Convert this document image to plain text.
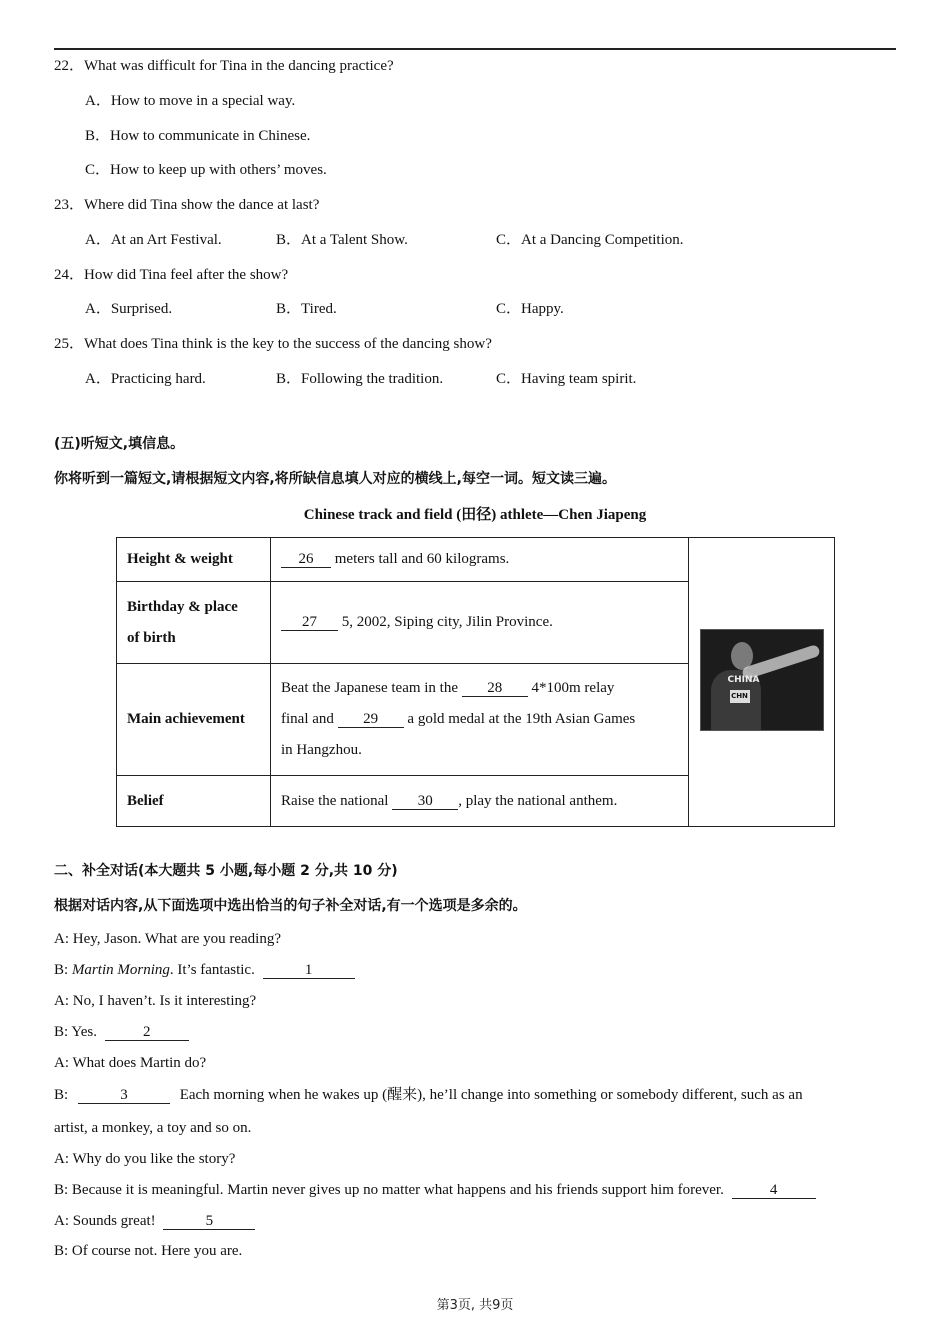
22．What was difficult for Tina in the dancing practice?
A．How to move in a special way.
B．How to communicate in Chinese.
C．How to keep up with others’ moves.
23．Where did Tina show the dance at last?
A．At an Art Festival.	B．At a Talent Show.	C．At a Dancing Competition.
24．How did Tina feel after the show?
A．Surprised.	B．Tired.	C．Happy.
25．What does Tina think is the key to the success of the dancing show?
A．Practicing hard.	B．Following the tradition.	C．Having team spirit.
(五)听短文,填信息。
你将听到一篇短文,请根据短文内容,将所缺信息填人对应的横线上,每空一词。短文读三遍。
Chinese track and field (田径) athlete—Chen Jiapeng
Height & weight	26 meters tall and 60 kilograms.	CHINA
CHN

Birthday & place
of birth	27 5, 2002, Siping city, Jilin Province.	
Main achievement	Beat the Japanese team in the 28 4*100m relay
final and 29 a gold medal at the 19th Asian Games
in Hangzhou.	
Belief	Raise the national 30 , play the national anthem.	
二、补全对话(本大题共 5 小题,每小题 2 分,共 10 分)
根据对话内容,从下面选项中选出恰当的句子补全对话,有一个选项是多余的。
A: Hey, Jason. What are you reading?
B: Martin Morning. It’s fantastic.	1
A: No, I haven’t. Is it interesting?
B: Yes.	2
A: What does Martin do?
B:	3	Each morning when he wakes up (醒来), he’ll change into something or somebody different, such as an
artist, a monkey, a toy and so on.
A: Why do you like the story?
B: Because it is meaningful. Martin never gives up no matter what happens and his friends support him forever.	4
A: Sounds great!	5
B: Of course not. Here you are.
第3页, 共9页
